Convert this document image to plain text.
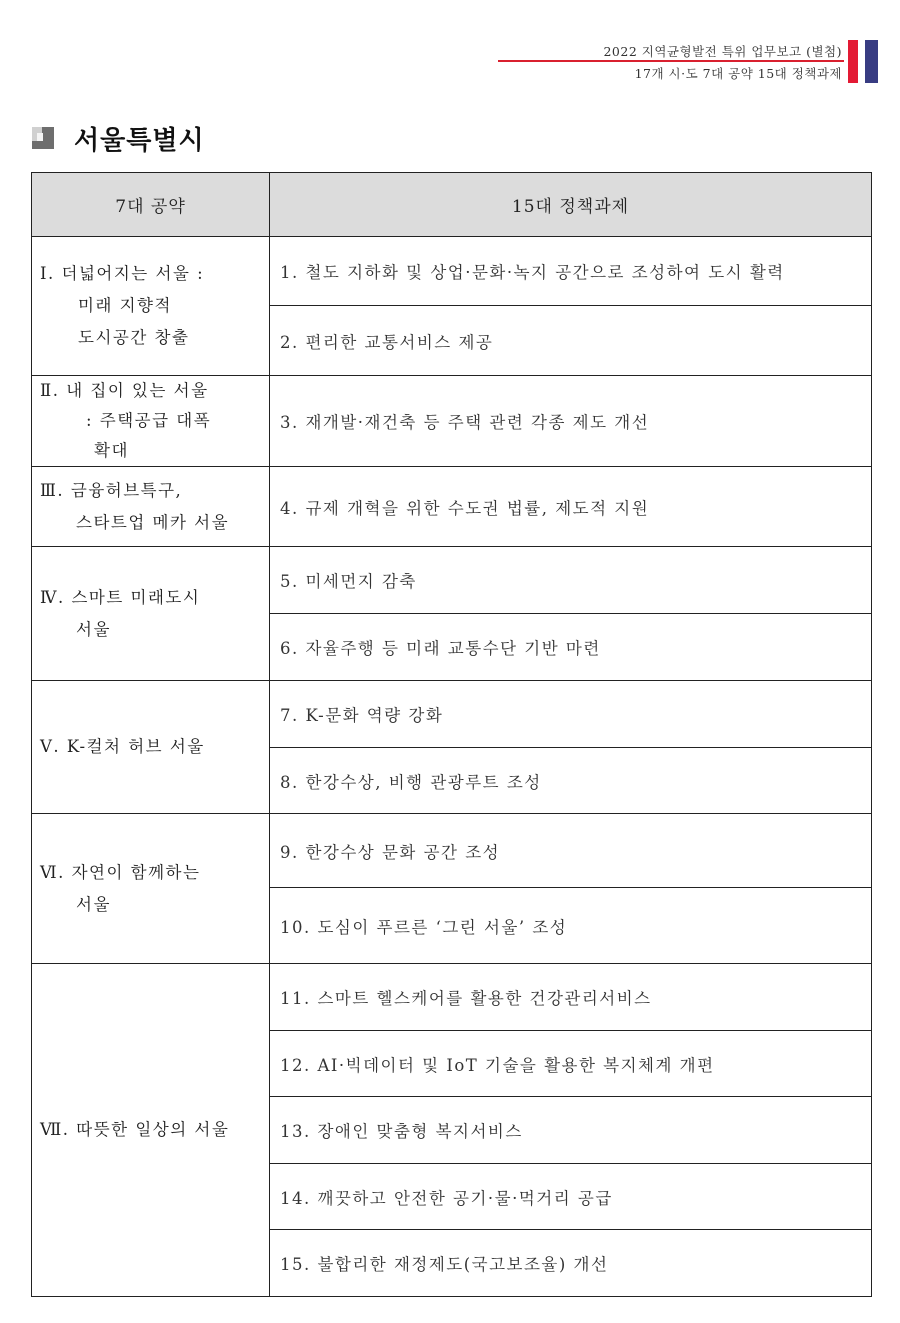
2022 지역균형발전 특위 업무보고 (별첨)
17개 시·도 7대 공약 15대 정책과제
서울특별시
7대 공약	15대 정책과제

Ⅰ. 더넓어지는 서울 :
미래 지향적
도시공간 창출	1. 철도 지하화 및 상업·문화·녹지 공간으로 조성하여 도시 활력
	2. 편리한 교통서비스 제공

Ⅱ. 내 집이 있는 서울
: 주택공급 대폭
확대	3. 재개발·재건축 등 주택 관련 각종 제도 개선

Ⅲ. 금융허브특구,
스타트업 메카 서울	4. 규제 개혁을 위한 수도권 법률, 제도적 지원

Ⅳ. 스마트 미래도시
서울	5. 미세먼지 감축
	6. 자율주행 등 미래 교통수단 기반 마련

Ⅴ. K-컬처 허브 서울	7. K-문화 역량 강화
	8. 한강수상, 비행 관광루트 조성

Ⅵ. 자연이 함께하는
서울	9. 한강수상 문화 공간 조성
	10. 도심이 푸르른 ‘그린 서울’ 조성

Ⅶ. 따뜻한 일상의 서울	11. 스마트 헬스케어를 활용한 건강관리서비스
	12. AI·빅데이터 및 IoT 기술을 활용한 복지체계 개편
	13. 장애인 맞춤형 복지서비스
	14. 깨끗하고 안전한 공기·물·먹거리 공급
	15. 불합리한 재정제도(국고보조율) 개선
